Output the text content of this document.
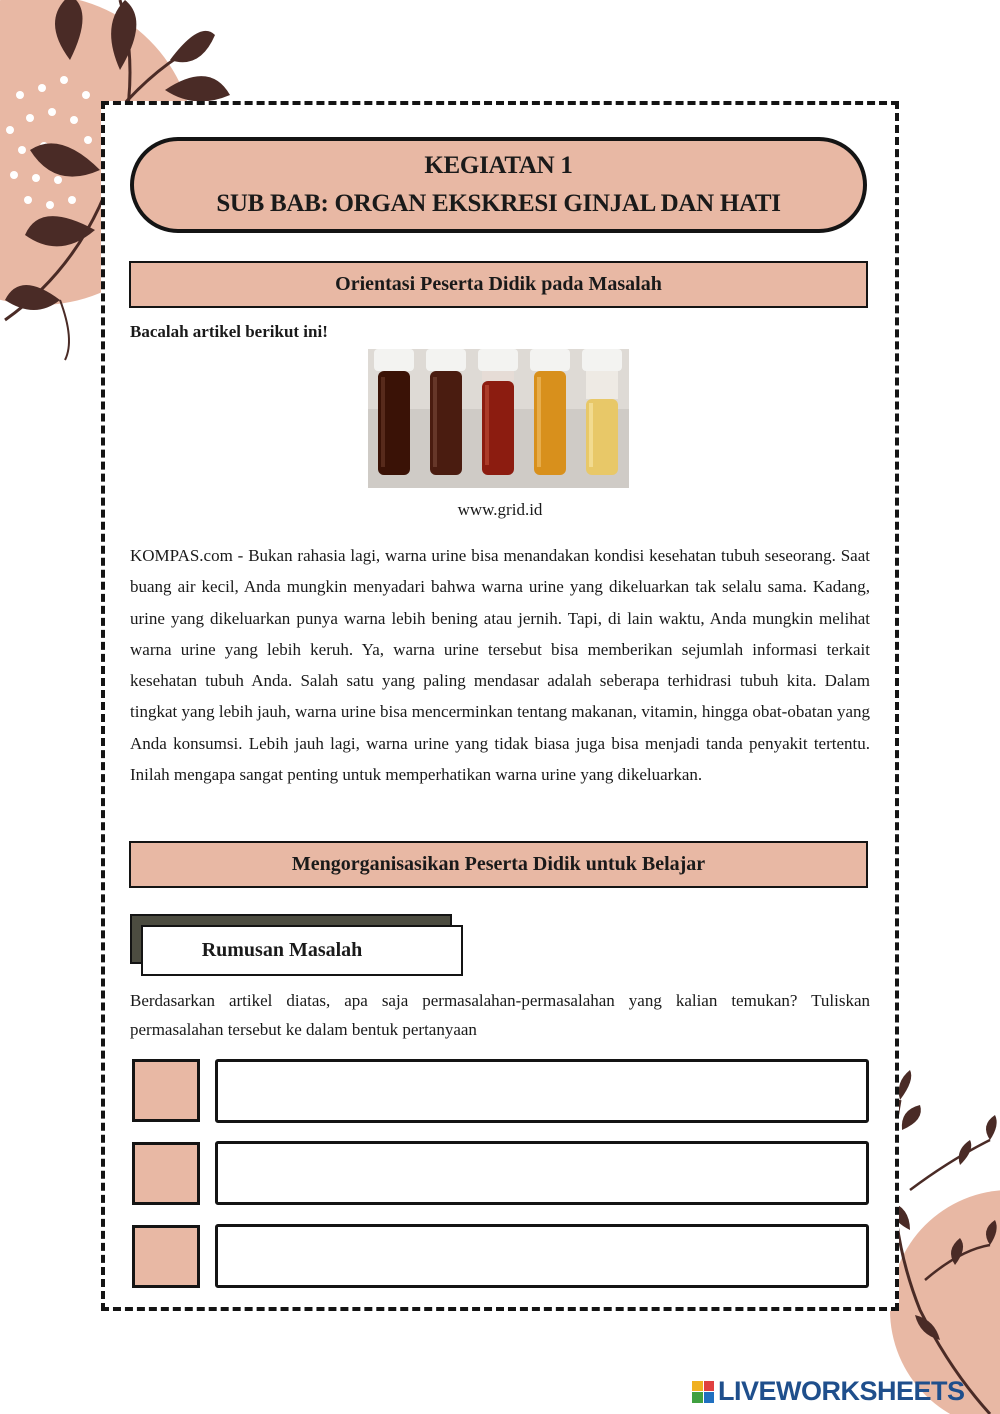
KEGIATAN 1
SUB BAB: ORGAN EKSKRESI GINJAL DAN HATI
Orientasi Peserta Didik pada Masalah
Bacalah artikel berikut ini!
www.grid.id
KOMPAS.com - Bukan rahasia lagi, warna urine bisa menandakan kondisi kesehatan tubuh seseorang. Saat buang air kecil, Anda mungkin menyadari bahwa warna urine yang dikeluarkan tak selalu sama. Kadang, urine yang dikeluarkan punya warna lebih bening atau jernih. Tapi, di lain waktu, Anda mungkin melihat warna urine yang lebih keruh. Ya, warna urine tersebut bisa memberikan sejumlah informasi terkait kesehatan tubuh Anda. Salah satu yang paling mendasar adalah seberapa terhidrasi tubuh kita. Dalam tingkat yang lebih jauh, warna urine bisa mencerminkan tentang makanan, vitamin, hingga obat-obatan yang Anda konsumsi. Lebih jauh lagi, warna urine yang tidak biasa juga bisa menjadi tanda penyakit tertentu. Inilah mengapa sangat penting untuk memperhatikan warna urine yang dikeluarkan.
Mengorganisasikan Peserta Didik untuk Belajar
Rumusan Masalah
Berdasarkan artikel diatas, apa saja permasalahan-permasalahan yang kalian temukan? Tuliskan permasalahan tersebut ke dalam bentuk pertanyaan
LIVEWORKSHEETS
